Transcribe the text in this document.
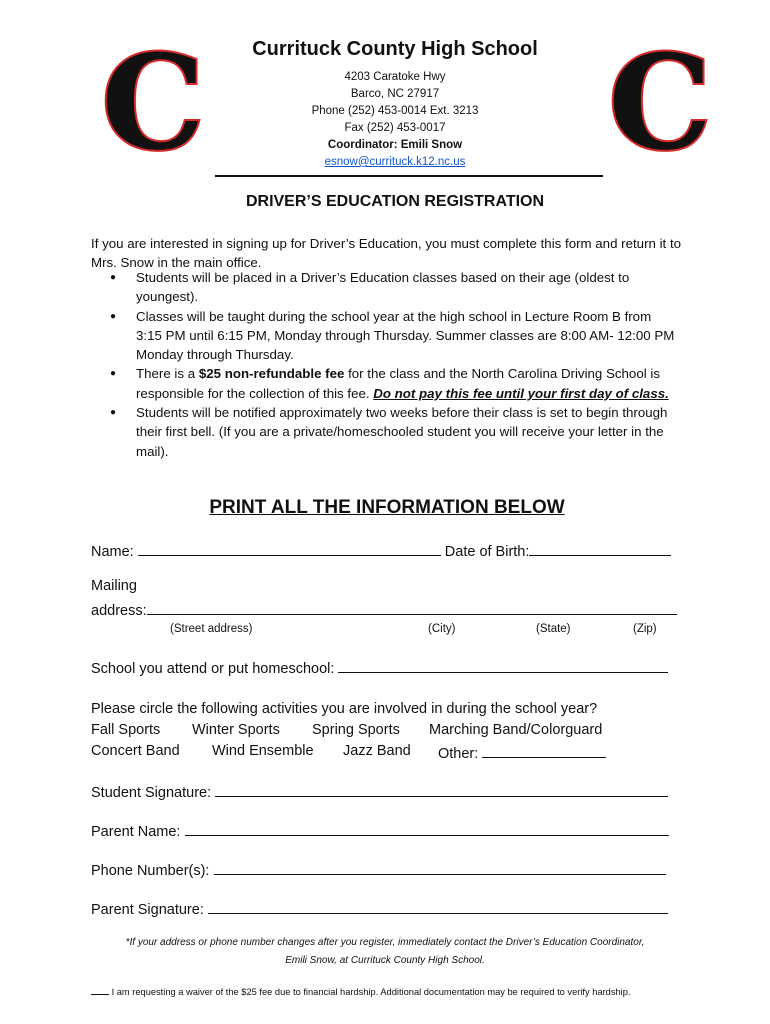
C	C
Currituck County High School
4203 Caratoke Hwy
Barco, NC 27917
Phone (252) 453-0014 Ext. 3213
Fax (252) 453-0017
Coordinator: Emili Snow
esnow@currituck.k12.nc.us
DRIVER’S EDUCATION REGISTRATION
If you are interested in signing up for Driver’s Education, you must complete this form and return it to Mrs. Snow in the main office.
● Students will be placed in a Driver’s Education classes based on their age (oldest to youngest).
● Classes will be taught during the school year at the high school in Lecture Room B from 3:15 PM until 6:15 PM, Monday through Thursday. Summer classes are 8:00 AM- 12:00 PM Monday through Thursday.
● There is a $25 non-refundable fee for the class and the North Carolina Driving School is responsible for the collection of this fee. Do not pay this fee until your first day of class.
● Students will be notified approximately two weeks before their class is set to begin through their first bell. (If you are a private/homeschooled student you will receive your letter in the mail).
PRINT ALL THE INFORMATION BELOW
Name:	Date of Birth:
Mailing
address:
(Street address)	(City)	(State)	(Zip)
School you attend or put homeschool:
Please circle the following activities you are involved in during the school year?
Fall Sports Winter Sports Spring Sports Marching Band/Colorguard
Concert Band Wind Ensemble Jazz Band Other:
Student Signature:
Parent Name:
Phone Number(s):
Parent Signature:
*If your address or phone number changes after you register, immediately contact the Driver’s Education Coordinator,
Emili Snow, at Currituck County High School.
I am requesting a waiver of the $25 fee due to financial hardship. Additional documentation may be required to verify hardship.
